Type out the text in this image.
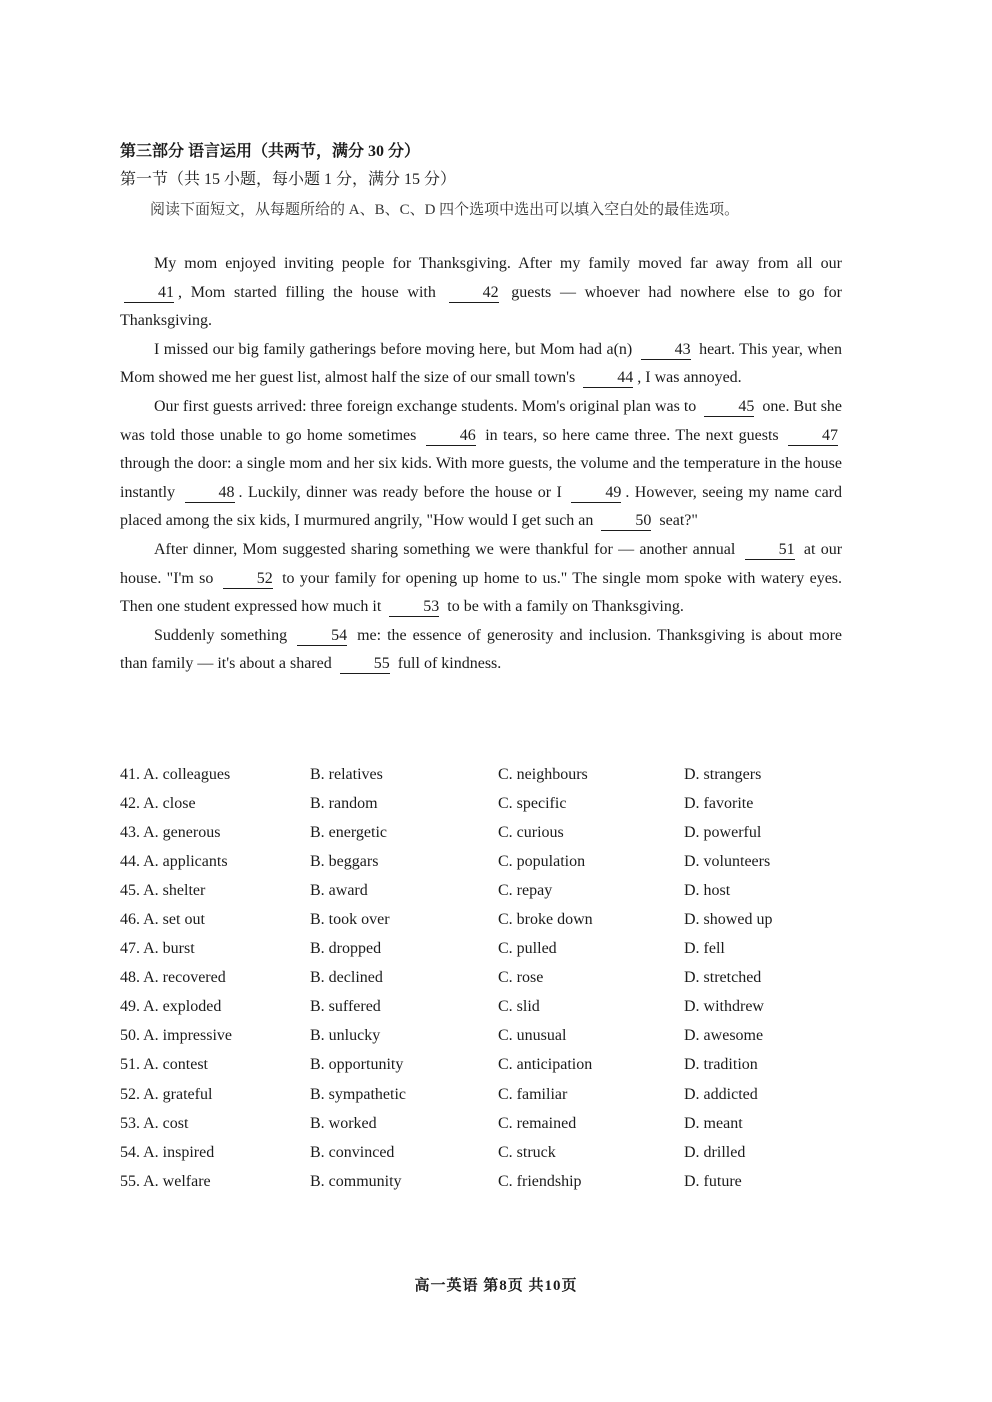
第三部分 语言运用（共两节，满分 30 分）
第一节（共 15 小题，每小题 1 分，满分 15 分）
阅读下面短文，从每题所给的 A、B、C、D 四个选项中选出可以填入空白处的最佳选项。

My mom enjoyed inviting people for Thanksgiving. After my family moved far away from all our 41 , Mom started filling the house with	42 guests — whoever had nowhere else to go for Thanksgiving.

I missed our big family gatherings before moving here, but Mom had a(n)	43 heart. This year, when Mom showed me her guest list, almost half the size of our small town's	44 , I was annoyed.

Our first guests arrived: three foreign exchange students. Mom's original plan was to	45 one. But she was told those unable to go home sometimes	46 in tears, so here came three. The next guests	47 through the door: a single mom and her six kids. With more guests, the volume and the temperature in the house instantly	48 . Luckily, dinner was ready before the house or I	49 . However, seeing my name card placed among the six kids, I murmured angrily, "How would I get such an	50 seat?"

After dinner, Mom suggested sharing something we were thankful for — another annual	51 at our house. "I'm so	52 to your family for opening up home to us." The single mom spoke with watery eyes. Then one student expressed how much it	53 to be with a family on Thanksgiving.

Suddenly something	54 me: the essence of generosity and inclusion. Thanksgiving is about more than family — it's about a shared	55 full of kindness.

41. A. colleagues	B. relatives	C. neighbours	D. strangers
42. A. close	B. random	C. specific	D. favorite
43. A. generous	B. energetic	C. curious	D. powerful
44. A. applicants	B. beggars	C. population	D. volunteers
45. A. shelter	B. award	C. repay	D. host
46. A. set out	B. took over	C. broke down	D. showed up
47. A. burst	B. dropped	C. pulled	D. fell
48. A. recovered	B. declined	C. rose	D. stretched
49. A. exploded	B. suffered	C. slid	D. withdrew
50. A. impressive	B. unlucky	C. unusual	D. awesome
51. A. contest	B. opportunity	C. anticipation	D. tradition
52. A. grateful	B. sympathetic	C. familiar	D. addicted
53. A. cost	B. worked	C. remained	D. meant
54. A. inspired	B. convinced	C. struck	D. drilled
55. A. welfare	B. community	C. friendship	D. future
高一英语 第8页 共10页
